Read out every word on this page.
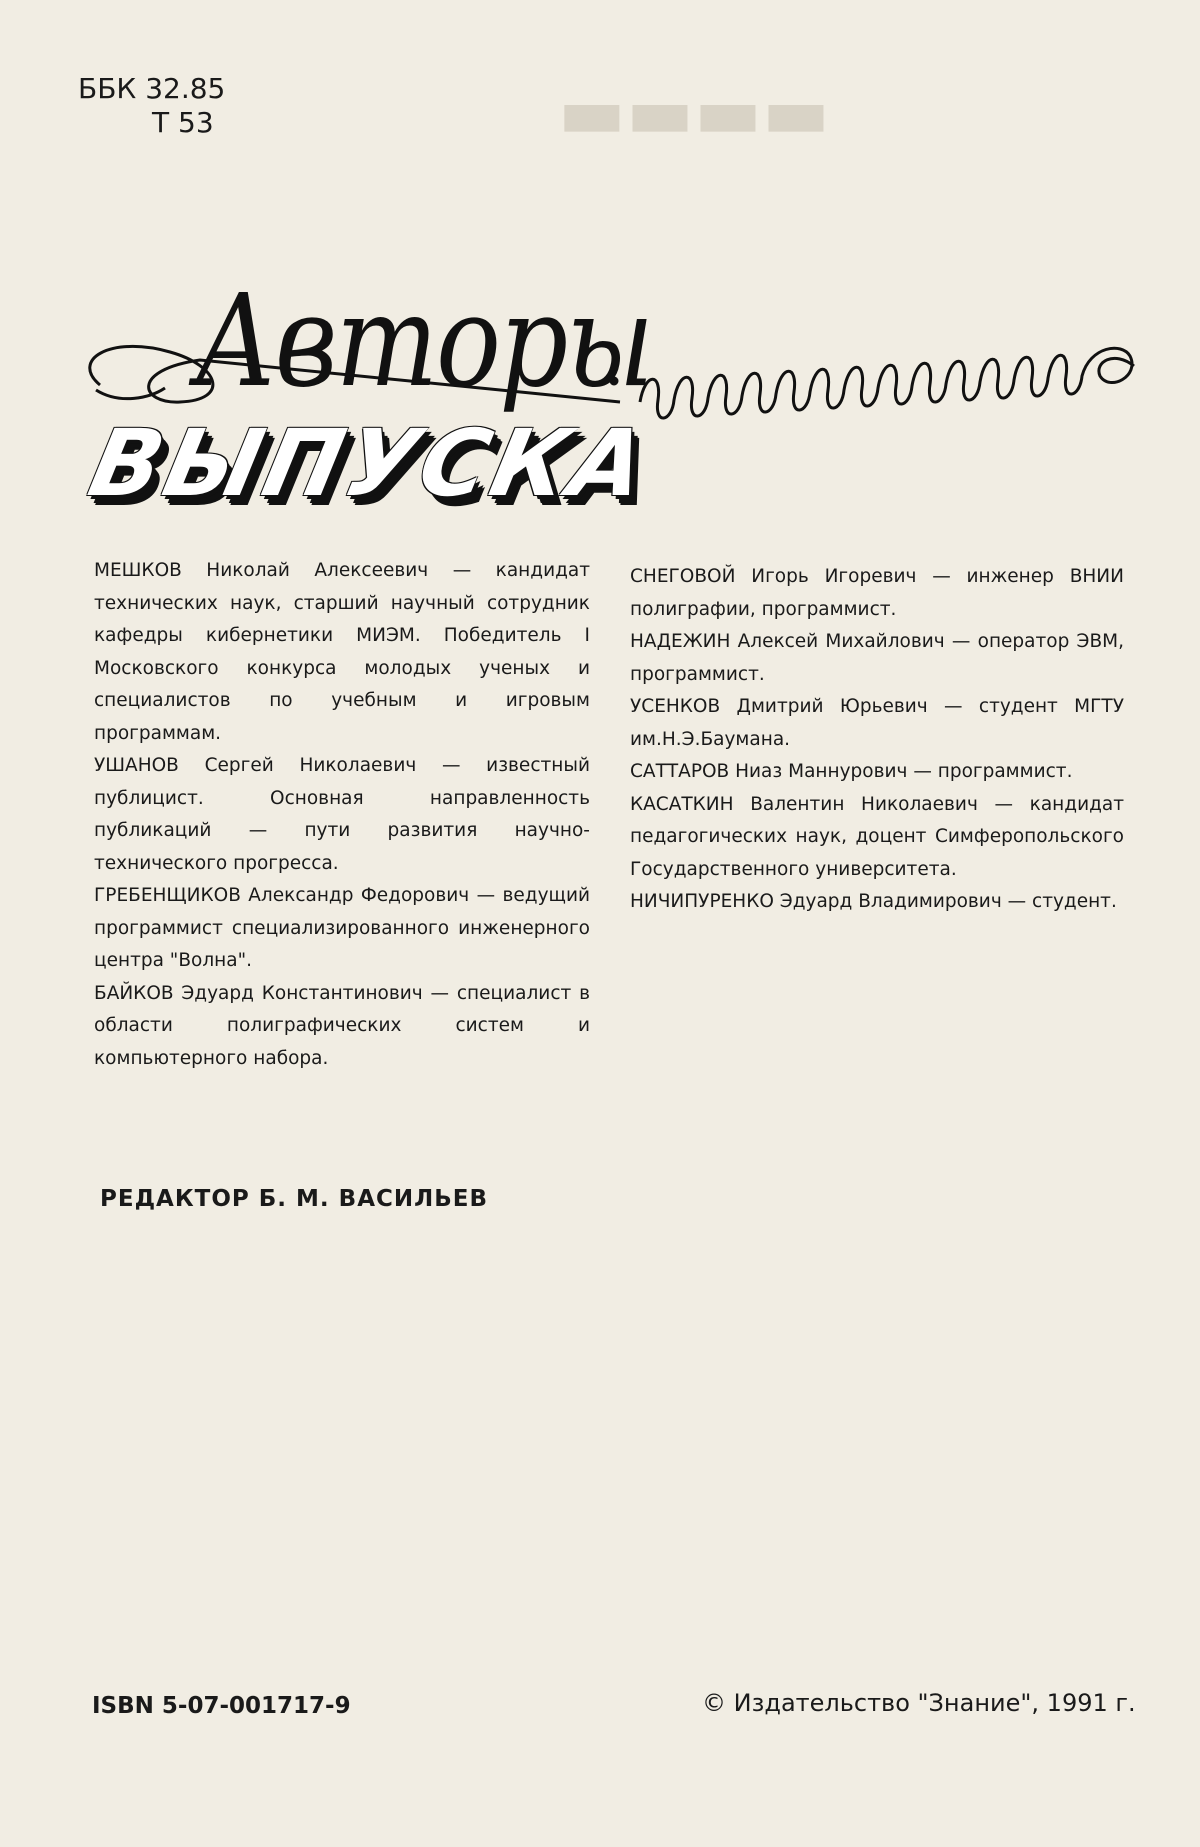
▬▬▬▬
ББК 32.85
Т 53
Авторы
ВЫПУСКА

МЕШКОВ Николай Алексеевич — кандидат технических наук, старший научный сотрудник кафедры кибернетики МИЭМ. Победитель I Московского конкурса молодых ученых и специалистов по учебным и игровым программам.

УШАНОВ Сергей Николаевич — известный публицист. Основная направленность публикаций — пути развития научно-технического прогресса.

ГРЕБЕНЩИКОВ Александр Федорович — ведущий программист специализированного инженерного центра "Волна".

БАЙКОВ Эдуард Константинович — специалист в области полиграфических систем и компьютерного набора.

СНЕГОВОЙ Игорь Игоревич — инженер ВНИИ полиграфии, программист.

НАДЕЖИН Алексей Михайлович — оператор ЭВМ, программист.

УСЕНКОВ Дмитрий Юрьевич — студент МГТУ им.Н.Э.Баумана.

САТТАРОВ Ниаз Маннурович — программист.

КАСАТКИН Валентин Николаевич — кандидат педагогических наук, доцент Симферопольского Государственного университета.

НИЧИПУРЕНКО Эдуард Владимирович — студент.

РЕДАКТОР Б. М. ВАСИЛЬЕВ
ISBN 5-07-001717-9	© Издательство "Знание", 1991 г.
